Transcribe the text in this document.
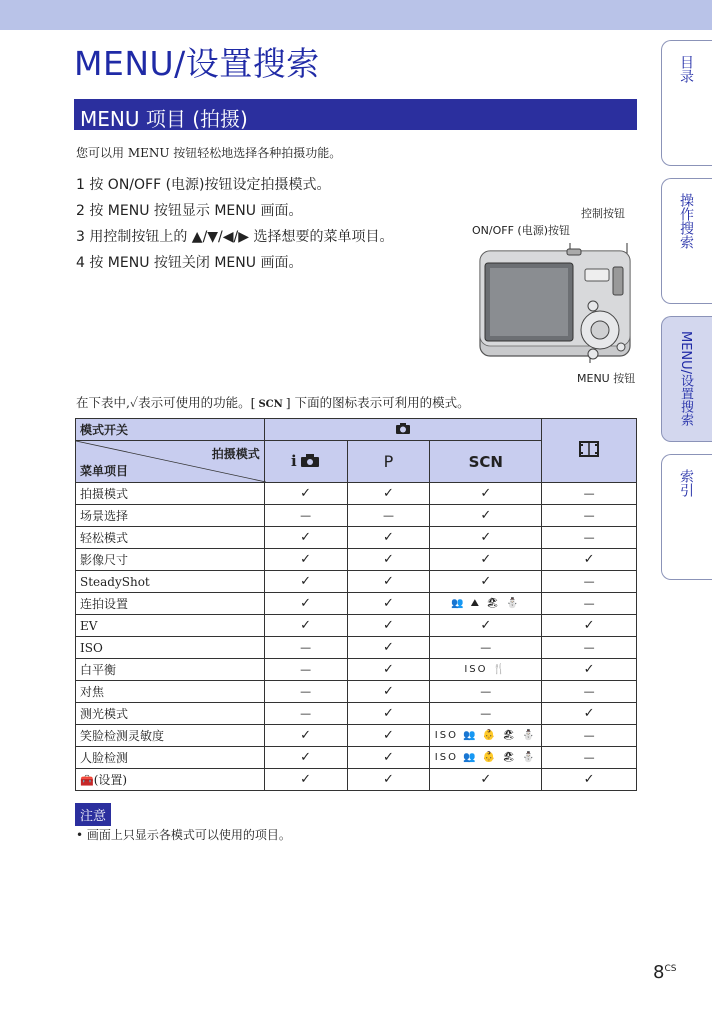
MENU/设置搜索
MENU 项目 (拍摄)
您可以用 MENU 按钮轻松地选择各种拍摄功能。
1 按 ON/OFF (电源)按钮设定拍摄模式。
2 按 MENU 按钮显示 MENU 画面。
3 用控制按钮上的 ▲/▼/◀/▶ 选择想要的菜单项目。
4 按 MENU 按钮关闭 MENU 画面。
控制按钮
ON/OFF (电源)按钮
MENU 按钮
在下表中,✓表示可使用的功能。[ SCN ] 下面的图标表示可利用的模式。
目录
操作搜索
MENU/设置搜索
索引
模式开关		

拍摄模式
菜单项目	i	P	SCN	
拍摄模式	✓	✓	✓	—
场景选择	—	—	✓	—
轻松模式	✓	✓	✓	—
影像尺寸	✓	✓	✓	✓
SteadyShot	✓	✓	✓	—
连拍设置	✓	✓	👥 ⛰ 🏖 ⛄	—
EV	✓	✓	✓	✓
ISO	—	✓	—	—
白平衡	—	✓	ISO 🍴	✓
对焦	—	✓	—	—
测光模式	—	✓	—	✓
笑脸检测灵敏度	✓	✓	ISO 👥 👶 🏖 ⛄	—
人脸检测	✓	✓	ISO 👥 👶 🏖 ⛄	—
🧰(设置)	✓	✓	✓	✓
注意
• 画面上只显示各模式可以使用的项目。
$8^{CS}$
